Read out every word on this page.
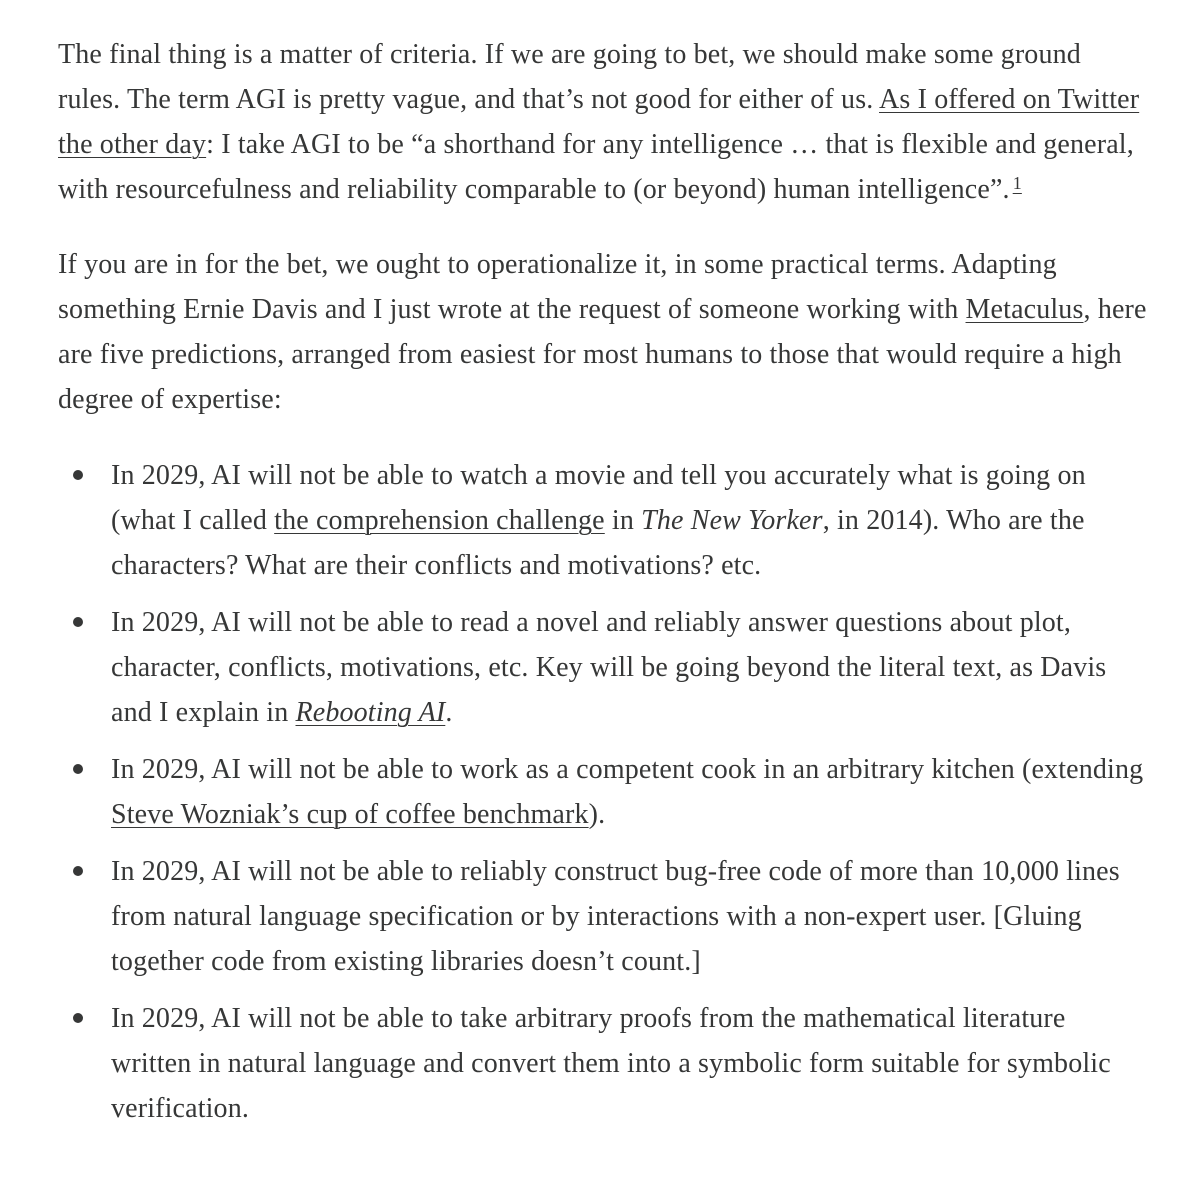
The final thing is a matter of criteria. If we are going to bet, we should make some ground rules. The term AGI is pretty vague, and that’s not good for either of us. As I offered on Twitter the other day: I take AGI to be “a shorthand for any intelligence … that is flexible and general, with resourcefulness and reliability comparable to (or beyond) human intelligence”. $^1$

If you are in for the bet, we ought to operationalize it, in some practical terms. Adapting something Ernie Davis and I just wrote at the request of someone working with Metaculus, here are five predictions, arranged from easiest for most humans to those that would require a high degree of expertise:

In 2029, AI will not be able to watch a movie and tell you accurately what is going on (what I called the comprehension challenge in The New Yorker, in 2014). Who are the characters? What are their conflicts and motivations? etc.
In 2029, AI will not be able to read a novel and reliably answer questions about plot, character, conflicts, motivations, etc. Key will be going beyond the literal text, as Davis and I explain in Rebooting AI.
In 2029, AI will not be able to work as a competent cook in an arbitrary kitchen (extending Steve Wozniak’s cup of coffee benchmark).
In 2029, AI will not be able to reliably construct bug-free code of more than 10,000 lines from natural language specification or by interactions with a non-expert user. [Gluing together code from existing libraries doesn’t count.]
In 2029, AI will not be able to take arbitrary proofs from the mathematical literature written in natural language and convert them into a symbolic form suitable for symbolic verification.
